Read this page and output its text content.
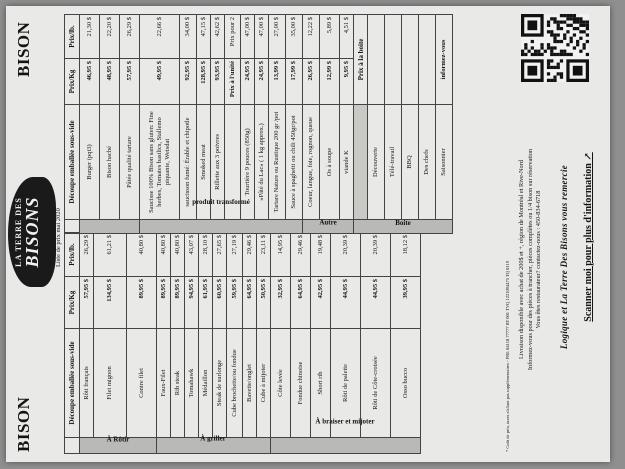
BISON
LA TERRE DES BISONS
BISON
Liste de prix mai 2020
	Découpe emballée sous-vide	Prix/Kg	Prix/lb.
À Rôtir	Rôti français	57,95 $	26,29 $
	Filet mignon	134,95 $	61,21 $
	Contre filet	89,95 $	40,80 $
À griller	Faux-Filet	89,95 $	40,80 $
	Rib steak	89,95 $	40,80 $
	Tomahawk	94,95 $	43,07 $
	Médaillon	61,95 $	28,10 $
	Steak de surlonge	60,95 $	27,65 $
	Cube brochette/ou fondue	59,95 $	27,19 $
	Bavette/onglet	64,95 $	29,46 $
	Cube à mijoter	50,95 $	23,11 $
À braiser et mijoter	Côte levée	32,95 $	14,95 $
	Fondue chinoise	64,95 $	29,46 $
	Short rib	42,95 $	19,48 $
	Rôti de palette	44,95 $	20,39 $
	Rôti de Côte-croisée	44,95 $	20,39 $
	Osso bucco	39,95 $	18,12 $
	Découpe emballée sous-vide	Prix/Kg	Prix/lb.
	Burger (pqt3)	46,95 $	21,30 $
	Bison haché	48,95 $	22,20 $
	Pâtée qualité tartare	57,95 $	26,29 $
produit transformé	Saucisse 100% Bison sans gluten: Fine herbes, Tomates basilics, Stallemo piquante, Weisdat	49,95 $	22,66 $
	saucisson fumé: Érable et chipotle	92,95 $	34,00 $
	Smoked meat	128,95 $	47,15 $
	Rillette aux 3 poivres	93,95 $	42,62 $
		Prix à l'unité	Prix pour 2
	Tourtière 9 pouces (850g)	24,95 $	47,00 $
	»Pâté du Lac» ( 1 kg approx.)	24,95 $	47,00 $
	Tartare Nature ou Rustique 200 gr /pot	13,99 $	27,00 $
	Sauce à spaghetti ou chili 450gr/pot	17,99 $	35,00 $
Autre	Coeur, langue, foie, rognon, queue	26,95 $	12,22 $
	Os à soupe	12,99 $	5,89 $
	viande K	9,95 $	4,51 $
Boite		Prix à la boite	
	Découverte		
	Télé-travail		
	BBQ		
	Des chefs		
	Saisonnier	informez-vous	
* Coût de prix, taxes n'allant pas supplémentaires - PRI: 84118 77777 RT 001 TVQ 1221094475 TQ 0119 Livraison disponible avec achat de 200$ et +, région de Montréal et Rive-Nord Informez-vous pour des pièces à trancher, pièces complètes ou 1/4 bison sur réservation Vous êtes restaurateur? contactez-nous : 450-834-6718 Logique et La Terre Des Bisons vous remercie Scanner moi pour plus d'information ↗
